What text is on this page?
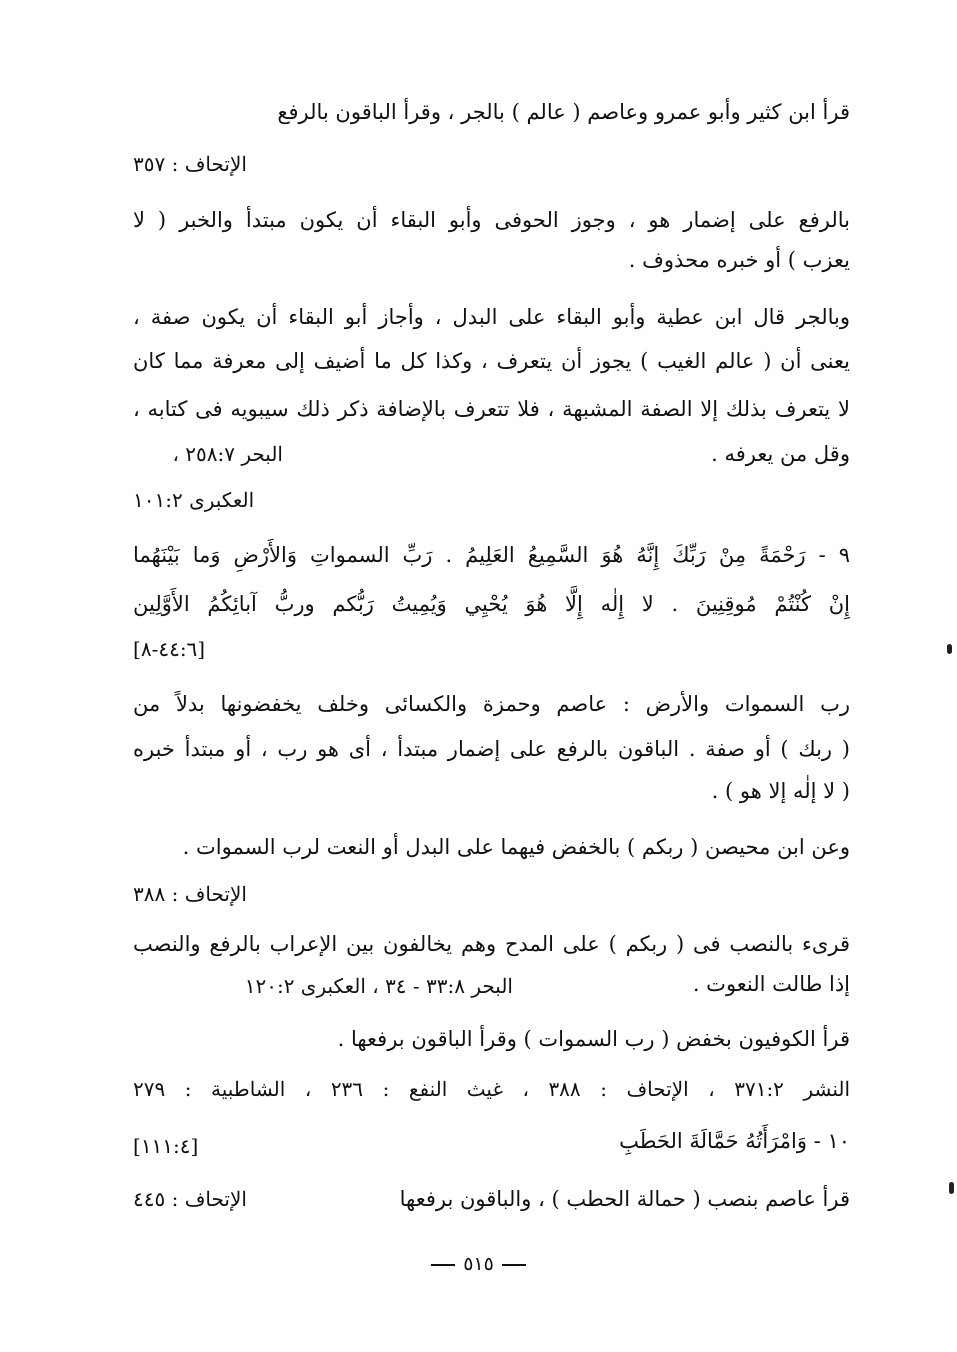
قرأ ابن كثير وأبو عمرو وعاصم ( عالم ) بالجر ، وقرأ الباقون بالرفع
الإتحاف : ٣٥٧
بالرفع على إضمار هو ، وجوز الحوفى وأبو البقاء أن يكون مبتدأ والخبر ( لا
يعزب ) أو خبره محذوف .
وبالجر قال ابن عطية وأبو البقاء على البدل ، وأجاز أبو البقاء أن يكون صفة ،
يعنى أن ( عالم الغيب ) يجوز أن يتعرف ، وكذا كل ما أضيف إلى معرفة مما كان
لا يتعرف بذلك إلا الصفة المشبهة ، فلا تتعرف بالإضافة ذكر ذلك سيبويه فى كتابه ،
وقل من يعرفه .
البحر ٢٥٨:٧ ،
العكبرى ١٠١:٢
٩ - رَحْمَةً مِنْ رَبِّكَ إِنَّهُ هُوَ السَّمِيعُ العَلِيمُ . رَبِّ السمواتِ وَالأَرْضِ وَما بَيْنَهُما
إِنْ كُنْتُمْ مُوقِنِينَ . لا إِلٰه إِلَّا هُوَ يُحْيِي وَيُمِيتُ رَبُّكم وربُّ آبائِكُمُ الأَوَّلِين
[٤٤:٦-٨]
رب السموات والأرض : عاصم وحمزة والكسائى وخلف يخفضونها بدلاً من
( ربك ) أو صفة . الباقون بالرفع على إضمار مبتدأ ، أى هو رب ، أو مبتدأ خبره
( لا إلٰه إلا هو ) .
وعن ابن محيصن ( ربكم ) بالخفض فيهما على البدل أو النعت لرب السموات .
الإتحاف : ٣٨٨
قرىء بالنصب فى ( ربكم ) على المدح وهم يخالفون بين الإعراب بالرفع والنصب
إذا طالت النعوت .
البحر ٣٣:٨ - ٣٤ ، العكبرى ١٢٠:٢
قرأ الكوفيون بخفض ( رب السموات ) وقرأ الباقون برفعها .
النشر ٣٧١:٢ ، الإتحاف : ٣٨٨ ، غيث النفع : ٢٣٦ ، الشاطبية : ٢٧٩
١٠ - وَامْرَأَتُهُ حَمَّالَةَ الحَطَبِ
[١١١:٤]
قرأ عاصم بنصب ( حمالة الحطب ) ، والباقون برفعها
الإتحاف : ٤٤٥
٥١٥
